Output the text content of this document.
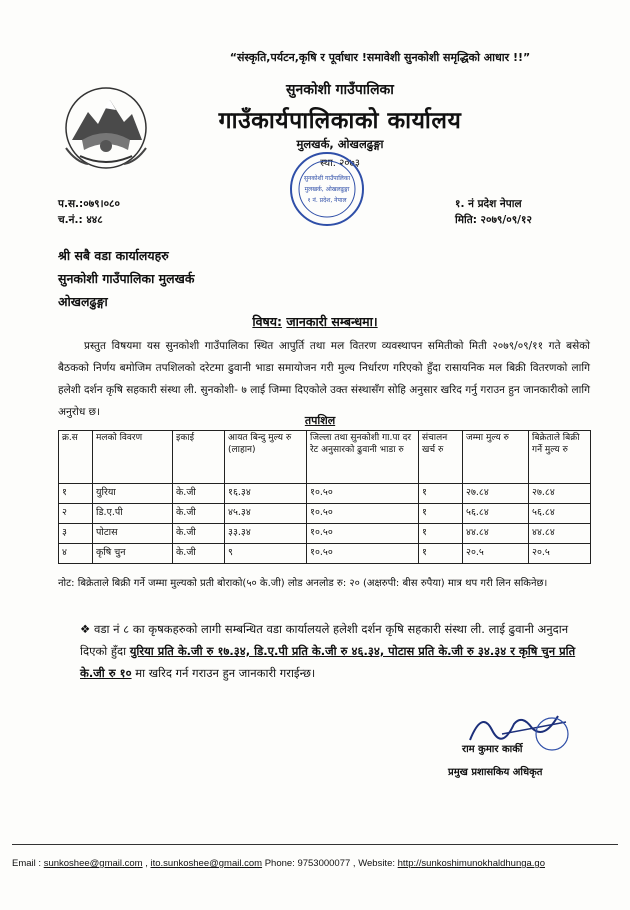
“संस्कृति,पर्यटन,कृषि र पूर्वाधार !समावेशी सुनकोशी समृद्धिको आधार !!”
सुनकोशी गाउँपालिका
गाउँकार्यपालिकाको कार्यालय
मुलखर्क, ओखलढुङ्गा
स्था. २०७३
सुनकोशी गाउँपालिका
मुलखर्क, ओखलढुङ्गा
१ नं. प्रदेश, नेपाल
प.स.:०७९।०८०
च.नं.: ४४८
१. नं प्रदेश नेपाल
मिति: २०७९/०९/१२
श्री सबै वडा कार्यालयहरु
सुनकोशी गाउँपालिका मुलखर्क
ओखलढुङ्गा
विषय: जानकारी सम्बन्धमा।
प्रस्तुत विषयमा यस सुनकोशी गाउँपालिका स्थित आपुर्ति तथा मल वितरण व्यवस्थापन समितीको मिती २०७९/०९/११ गते बसेको बैठकको निर्णय बमोजिम तपशिलको दरेटमा ढुवानी भाडा समायोजन गरी मुल्य निर्धारण गरिएको हुँदा रासायनिक मल बिक्री वितरणको लागि हलेशी दर्शन कृषि सहकारी संस्था ली. सुनकोशी- ७ लाई जिम्मा दिएकोले उक्त संस्थासँग सोहि अनुसार खरिद गर्नु गराउन हुन जानकारीको लागि अनुरोध छ।
तपशिल
क्र.स	मलको विवरण	इकाई	आयत बिन्दु मुल्य रु (लाहान)	जिल्ला तथा सुनकोशी गा.पा दर रेट अनुसारको ढुवानी भाडा रु	संचालन खर्च रु	जम्मा मुल्य रु	बिक्रेताले बिक्री गर्ने मुल्य रु
१	युरिया	के.जी	१६.३४	१०.५०	१	२७.८४	२७.८४
२	डि.ए.पी	के.जी	४५.३४	१०.५०	१	५६.८४	५६.८४
३	पोटास	के.जी	३३.३४	१०.५०	१	४४.८४	४४.८४
४	कृषि चुन	के.जी	९	१०.५०	१	२०.५	२०.५
नोट: बिक्रेताले बिक्री गर्ने जम्मा मुल्यको प्रती बोराको(५० के.जी) लोड अनलोड रु: २० (अक्षरुपी: बीस रुपैया) मात्र थप गरी लिन सकिनेछ।
❖ वडा नं ८ का कृषकहरुको लागी सम्बन्धित वडा कार्यालयले हलेशी दर्शन कृषि सहकारी संस्था ली. लाई ढुवानी अनुदान दिएको हुँदा युरिया प्रति के.जी रु १७.३४, डि.ए.पी प्रति के.जी रु ४६.३४, पोटास प्रति के.जी रु ३४.३४ र कृषि चुन प्रति के.जी रु १० मा खरिद गर्न गराउन हुन जानकारी गराईन्छ।
राम कुमार कार्की
प्रमुख प्रशासकिय अधिकृत
Email : sunkoshee@gmail.com , ito.sunkoshee@gmail.com Phone: 9753000077 , Website: http://sunkoshimunokhaldhunga.go
